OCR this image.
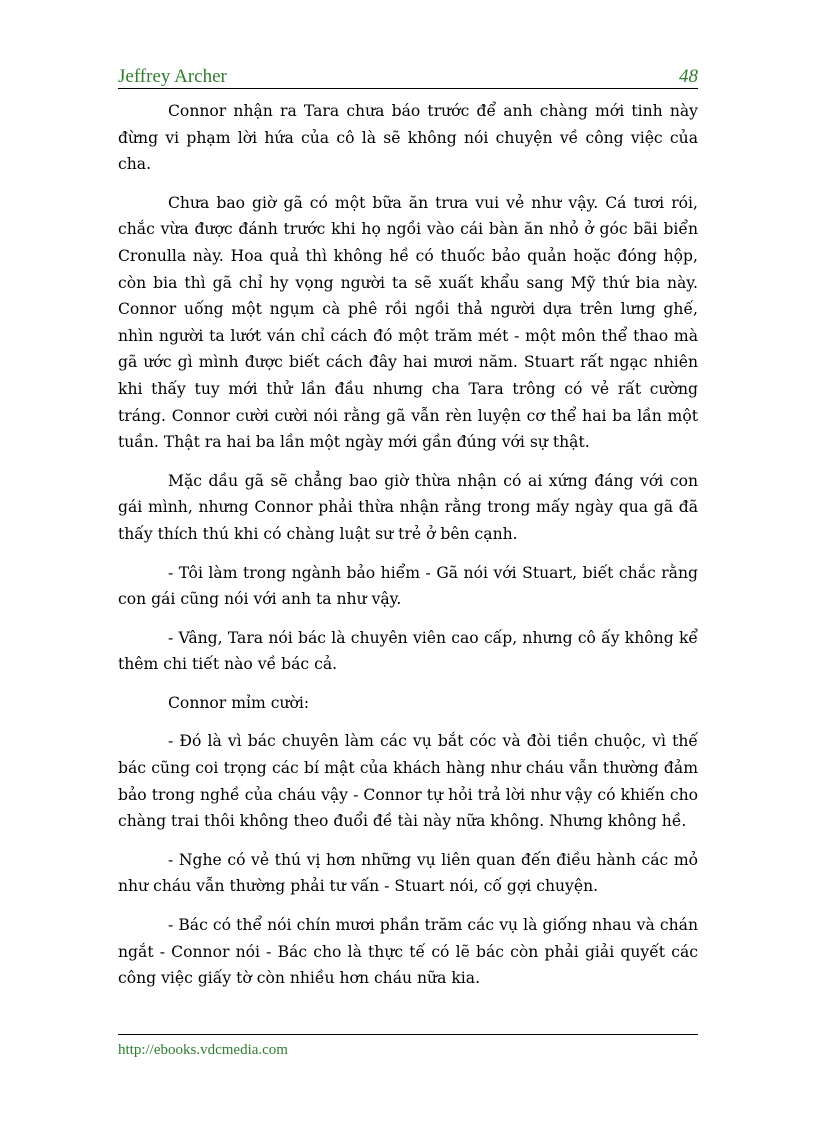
Jeffrey Archer	48

Connor nhận ra Tara chưa báo trước để anh chàng mới tinh này đừng vi phạm lời hứa của cô là sẽ không nói chuyện về công việc của cha.

Chưa bao giờ gã có một bữa ăn trưa vui vẻ như vậy. Cá tươi rói, chắc vừa được đánh trước khi họ ngồi vào cái bàn ăn nhỏ ở góc bãi biển Cronulla này. Hoa quả thì không hề có thuốc bảo quản hoặc đóng hộp, còn bia thì gã chỉ hy vọng người ta sẽ xuất khẩu sang Mỹ thứ bia này. Connor uống một ngụm cà phê rồi ngồi thả người dựa trên lưng ghế, nhìn người ta lướt ván chỉ cách đó một trăm mét - một môn thể thao mà gã ước gì mình được biết cách đây hai mươi năm. Stuart rất ngạc nhiên khi thấy tuy mới thử lần đầu nhưng cha Tara trông có vẻ rất cường tráng. Connor cười cười nói rằng gã vẫn rèn luyện cơ thể hai ba lần một tuần. Thật ra hai ba lần một ngày mới gần đúng với sự thật.

Mặc dầu gã sẽ chẳng bao giờ thừa nhận có ai xứng đáng với con gái mình, nhưng Connor phải thừa nhận rằng trong mấy ngày qua gã đã thấy thích thú khi có chàng luật sư trẻ ở bên cạnh.

- Tôi làm trong ngành bảo hiểm - Gã nói với Stuart, biết chắc rằng con gái cũng nói với anh ta như vậy.

- Vâng, Tara nói bác là chuyên viên cao cấp, nhưng cô ấy không kể thêm chi tiết nào về bác cả.

Connor mỉm cười:

- Đó là vì bác chuyên làm các vụ bắt cóc và đòi tiền chuộc, vì thế bác cũng coi trọng các bí mật của khách hàng như cháu vẫn thường đảm bảo trong nghề của cháu vậy - Connor tự hỏi trả lời như vậy có khiến cho chàng trai thôi không theo đuổi đề tài này nữa không. Nhưng không hề.

- Nghe có vẻ thú vị hơn những vụ liên quan đến điều hành các mỏ như cháu vẫn thường phải tư vấn - Stuart nói, cố gợi chuyện.

- Bác có thể nói chín mươi phần trăm các vụ là giống nhau và chán ngắt - Connor nói - Bác cho là thực tế có lẽ bác còn phải giải quyết các công việc giấy tờ còn nhiều hơn cháu nữa kia.

http://ebooks.vdcmedia.com
